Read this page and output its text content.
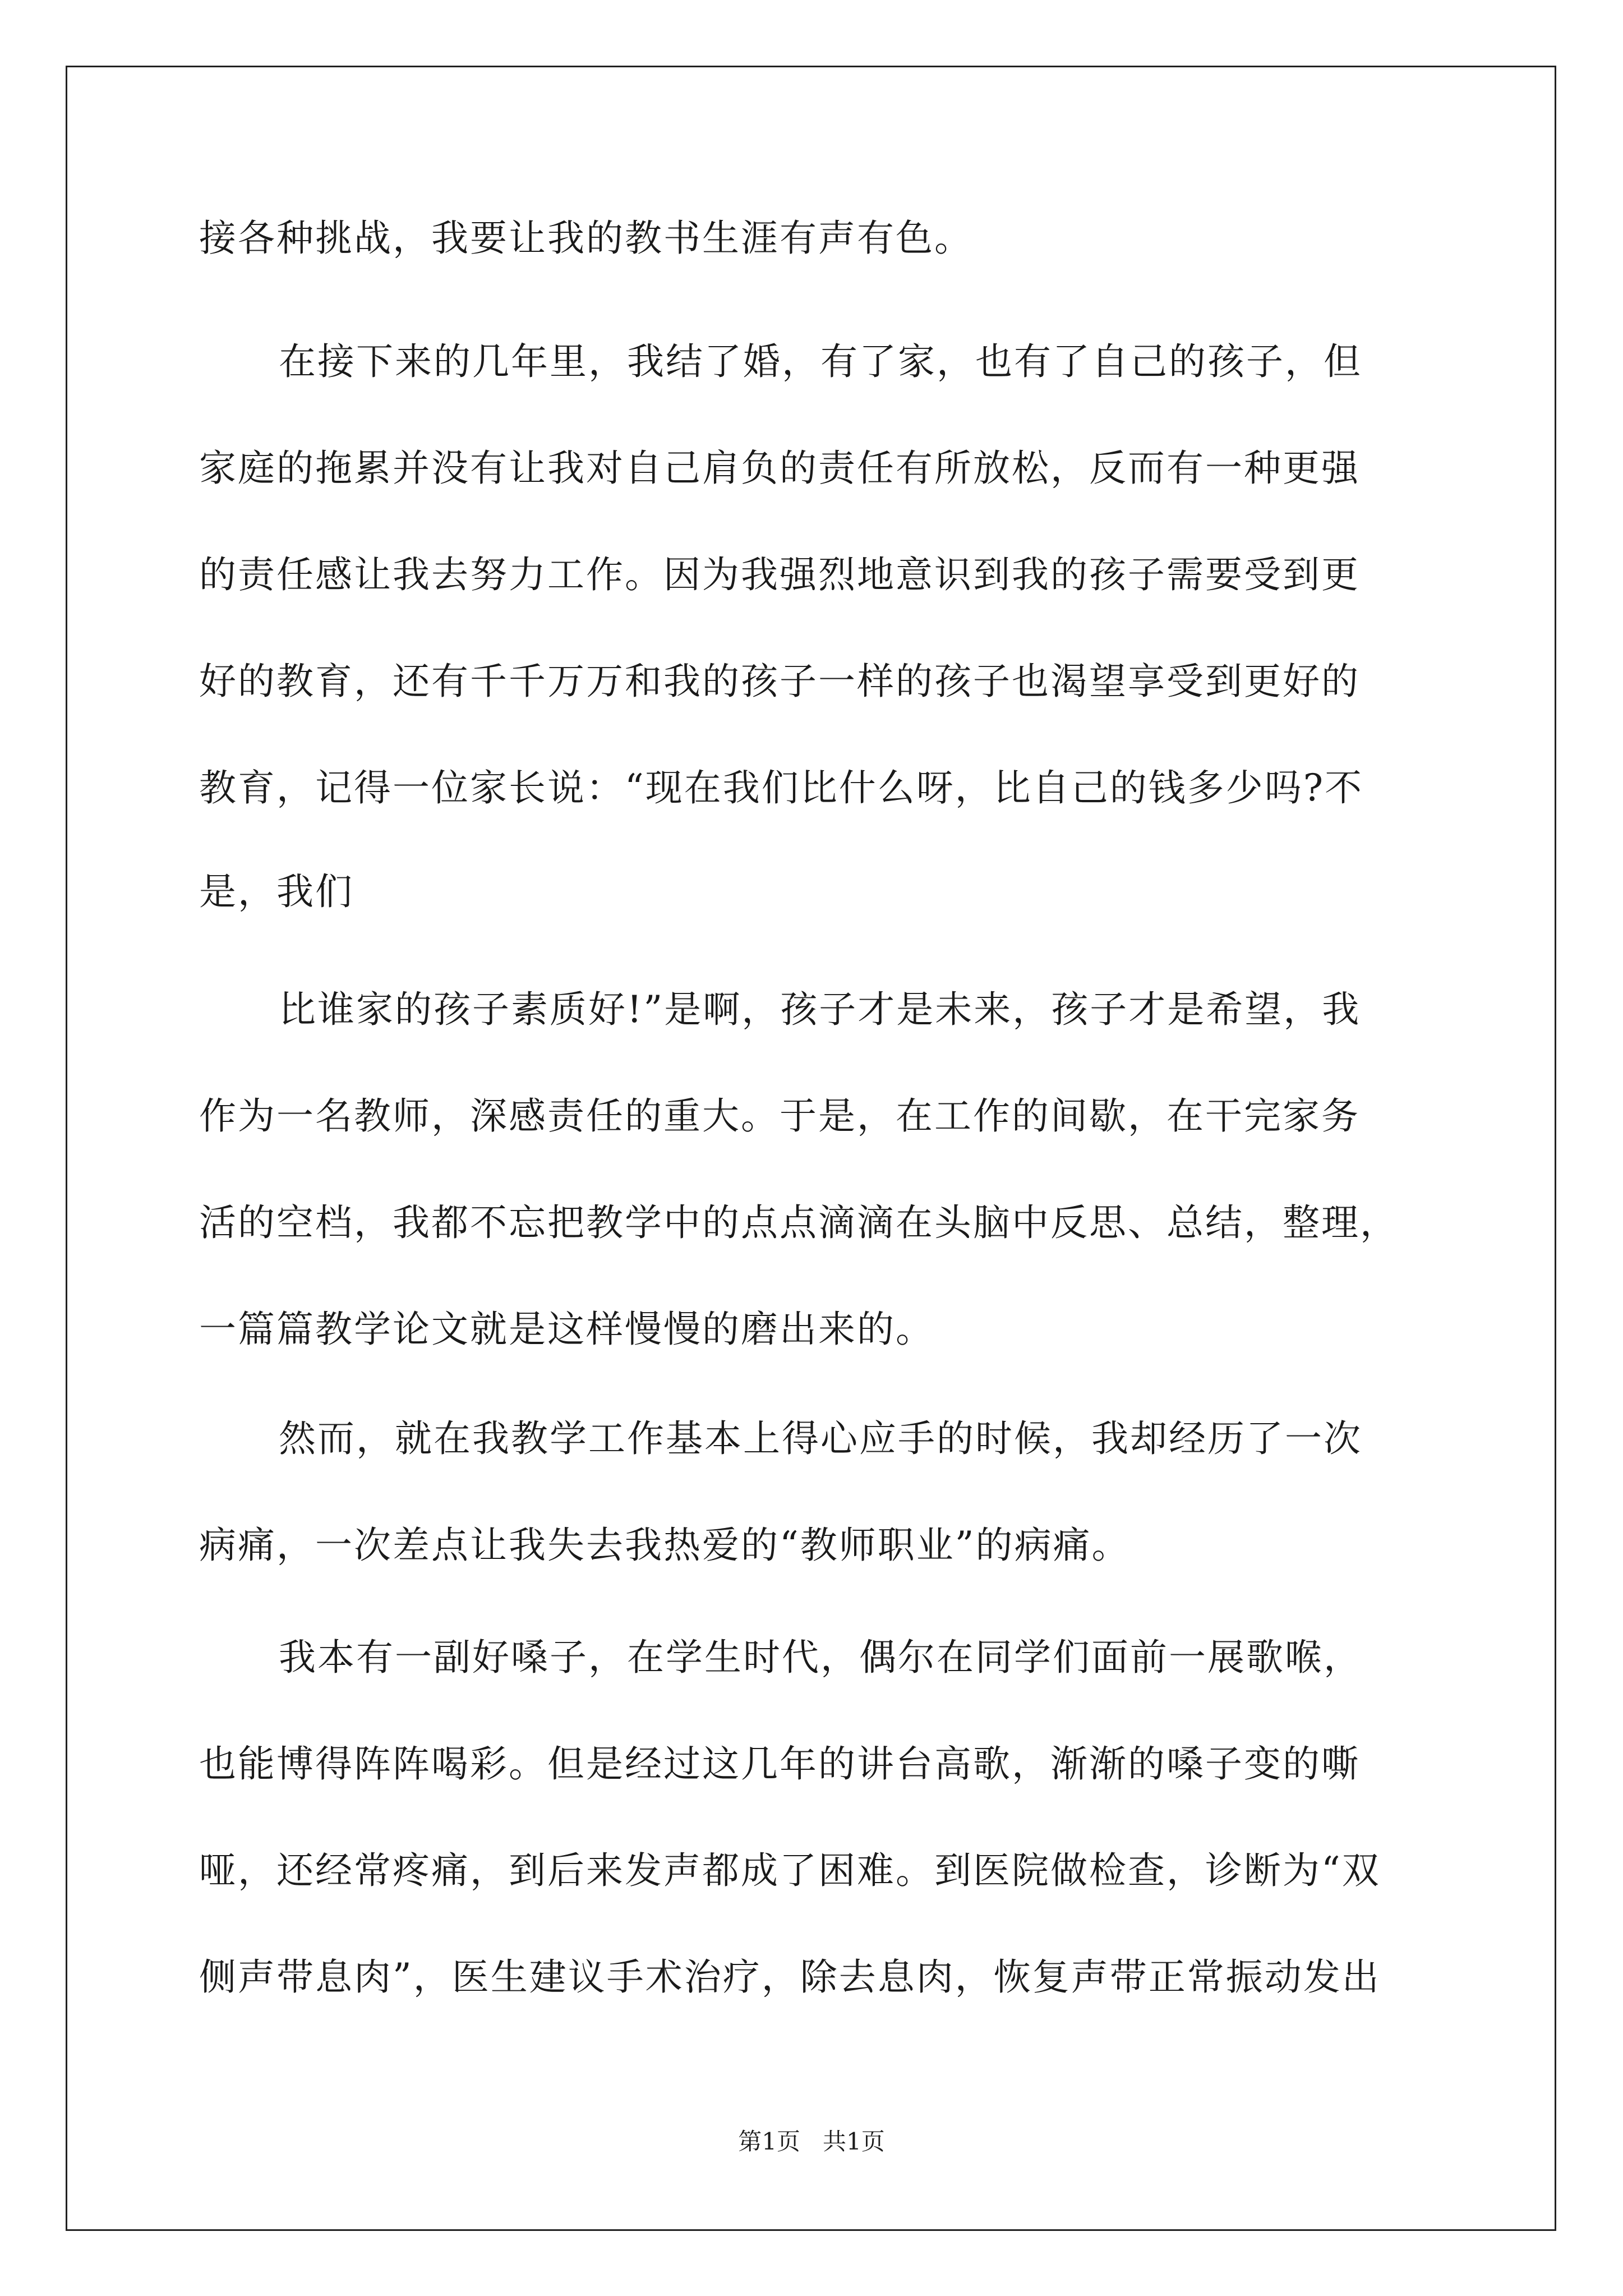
接各种挑战，我要让我的教书生涯有声有色。
在接下来的几年里，我结了婚，有了家，也有了自己的孩子，但
家庭的拖累并没有让我对自己肩负的责任有所放松，反而有一种更强
的责任感让我去努力工作。因为我强烈地意识到我的孩子需要受到更
好的教育，还有千千万万和我的孩子一样的孩子也渴望享受到更好的
教育，记得一位家长说：“现在我们比什么呀，比自己的钱多少吗?不
是，我们
比谁家的孩子素质好!”是啊，孩子才是未来，孩子才是希望，我
作为一名教师，深感责任的重大。于是，在工作的间歇，在干完家务
活的空档，我都不忘把教学中的点点滴滴在头脑中反思、总结，整理，
一篇篇教学论文就是这样慢慢的磨出来的。
然而，就在我教学工作基本上得心应手的时候，我却经历了一次
病痛，一次差点让我失去我热爱的“教师职业”的病痛。
我本有一副好嗓子，在学生时代，偶尔在同学们面前一展歌喉，
也能博得阵阵喝彩。但是经过这几年的讲台高歌，渐渐的嗓子变的嘶
哑，还经常疼痛，到后来发声都成了困难。到医院做检查，诊断为“双
侧声带息肉”，医生建议手术治疗，除去息肉，恢复声带正常振动发出
第1页   共1页
